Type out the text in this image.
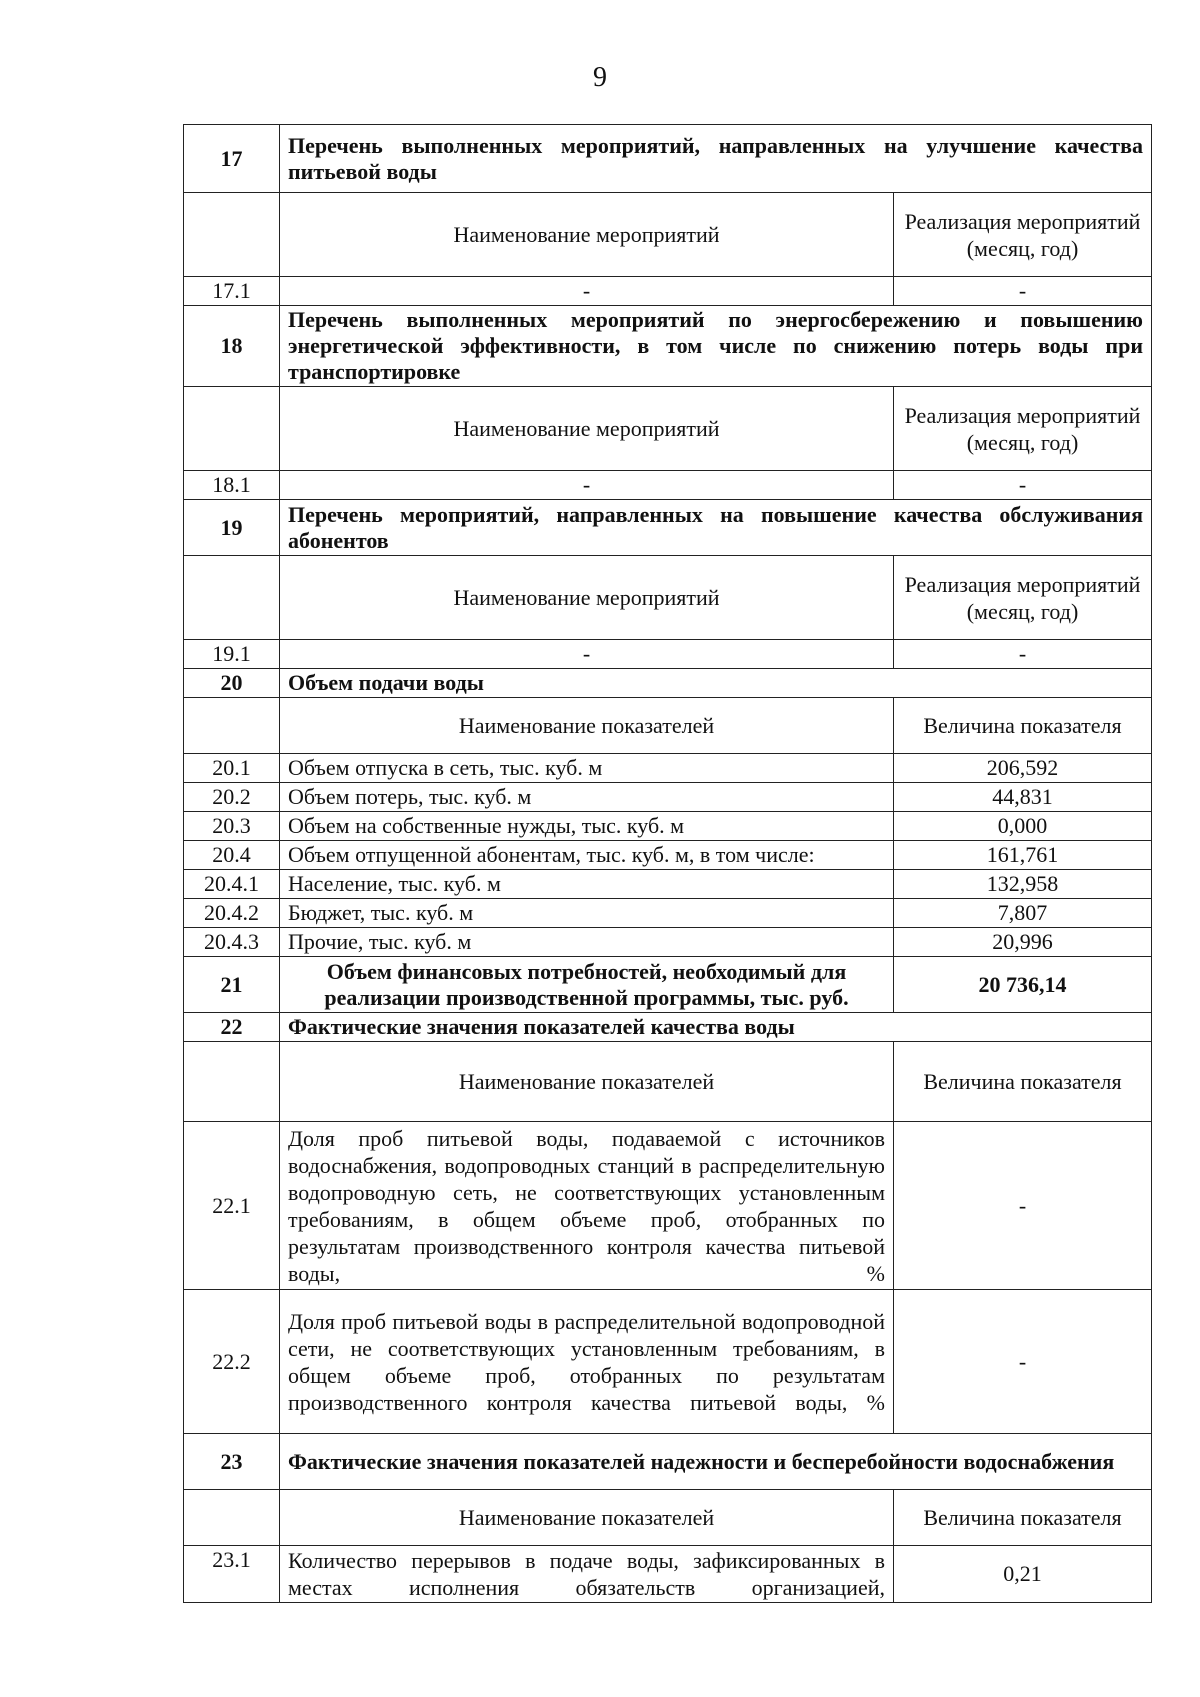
9
17	Перечень выполненных мероприятий, направленных на улучшение качества питьевой воды	
	Наименование мероприятий	Реализация мероприятий (месяц, год)
17.1	-	-
18	Перечень выполненных мероприятий по энергосбережению и повышению энергетической эффективности, в том числе по снижению потерь воды при транспортировке	
	Наименование мероприятий	Реализация мероприятий (месяц, год)
18.1	-	-
19	Перечень мероприятий, направленных на повышение качества обслуживания абонентов	
	Наименование мероприятий	Реализация мероприятий (месяц, год)
19.1	-	-
20	Объем подачи воды	
	Наименование показателей	Величина показателя
20.1	Объем отпуска в сеть, тыс. куб. м	206,592
20.2	Объем потерь, тыс. куб. м	44,831
20.3	Объем на собственные нужды, тыс. куб. м	0,000
20.4	Объем отпущенной абонентам, тыс. куб. м, в том числе:	161,761
20.4.1	Население, тыс. куб. м	132,958
20.4.2	Бюджет, тыс. куб. м	7,807
20.4.3	Прочие, тыс. куб. м	20,996
21	Объем финансовых потребностей, необходимый для реализации производственной программы, тыс. руб.	20 736,14
22	Фактические значения показателей качества воды	
	Наименование показателей	Величина показателя
22.1	Доля проб питьевой воды, подаваемой с источников водоснабжения, водопроводных станций в распределительную водопроводную сеть, не соответствующих установленным требованиям, в общем объеме проб, отобранных по результатам производственного контроля качества питьевой воды, %	-
22.2	Доля проб питьевой воды в распределительной водопроводной сети, не соответствующих установленным требованиям, в общем объеме проб, отобранных по результатам производственного контроля качества питьевой воды, %	-
23	Фактические значения показателей надежности и бесперебойности водоснабжения	
	Наименование показателей	Величина показателя
23.1	Количество перерывов в подаче воды, зафиксированных в местах исполнения обязательств организацией,	0,21
